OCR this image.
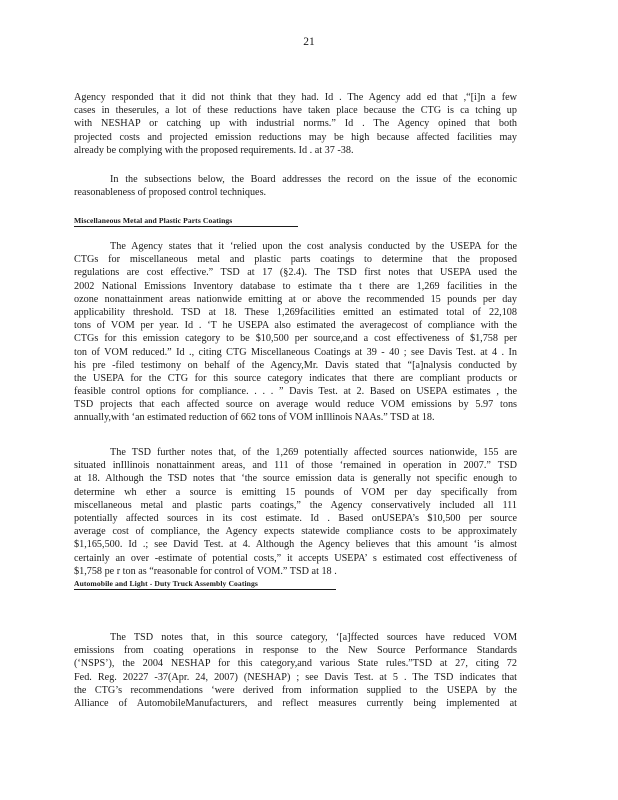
21

Agency responded that it did not think that they had. Id . The Agency add ed that ,“[i]n a few
cases in theserules, a lot of these reductions have taken place because the CTG is ca tching up
with NESHAP or catching up with industrial norms.” Id . The Agency opined that both
projected costs and projected emission reductions may be high because affected facilities may
already be complying with the proposed requirements. Id . at 37 -38.

In the subsections below, the Board addresses the record on the issue of the economic
reasonableness of proposed control techniques.

Miscellaneous Metal and Plastic Parts Coatings

The Agency states that it ‘relied upon the cost analysis conducted by the USEPA for the
CTGs for miscellaneous metal and plastic parts coatings to determine that the proposed
regulations are cost effective.” TSD at 17 (§2.4). The TSD first notes that USEPA used the
2002 National Emissions Inventory database to estimate tha t there are 1,269 facilities in the
ozone nonattainment areas nationwide emitting at or above the recommended 15 pounds per day
applicability threshold. TSD at 18. These 1,269facilities emitted an estimated total of 22,108
tons of VOM per year. Id . ‘T he USEPA also estimated the averagecost of compliance with the
CTGs for this emission category to be $10,500 per source,and a cost effectiveness of $1,758 per
ton of VOM reduced.” Id ., citing CTG Miscellaneous Coatings at 39 - 40 ; see Davis Test. at 4 . In
his pre -filed testimony on behalf of the Agency,Mr. Davis stated that “[a]nalysis conducted by
the USEPA for the CTG for this source category indicates that there are compliant products or
feasible control options for compliance. . . . ” Davis Test. at 2. Based on USEPA estimates , the
TSD projects that each affected source on average would reduce VOM emissions by 5.97 tons
annually,with ‘an estimated reduction of 662 tons of VOM inIllinois NAAs.” TSD at 18.

The TSD further notes that, of the 1,269 potentially affected sources nationwide, 155 are
situated inIllinois nonattainment areas, and 111 of those ‘remained in operation in 2007.” TSD
at 18. Although the TSD notes that ‘the source emission data is generally not specific enough to
determine wh ether a source is emitting 15 pounds of VOM per day specifically from
miscellaneous metal and plastic parts coatings,” the Agency conservatively included all 111
potentially affected sources in its cost estimate. Id . Based onUSEPA’s $10,500 per source
average cost of compliance, the Agency expects statewide compliance costs to be approximately
$1,165,500. Id .; see David Test. at 4. Although the Agency believes that this amount ‘is almost
certainly an over -estimate of potential costs,” it accepts USEPA’ s estimated cost effectiveness of
$1,758 pe r ton as “reasonable for control of VOM.” TSD at 18 .

Automobile and Light - Duty Truck Assembly Coatings

The TSD notes that, in this source category, ‘[a]ffected sources have reduced VOM
emissions from coating operations in response to the New Source Performance Standards
(‘NSPS’), the 2004 NESHAP for this category,and various State rules.”TSD at 27, citing 72
Fed. Reg. 20227 -37(Apr. 24, 2007) (NESHAP) ; see Davis Test. at 5 . The TSD indicates that
the CTG’s recommendations ‘were derived from information supplied to the USEPA by the
Alliance of AutomobileManufacturers, and reflect measures currently being implemented at
